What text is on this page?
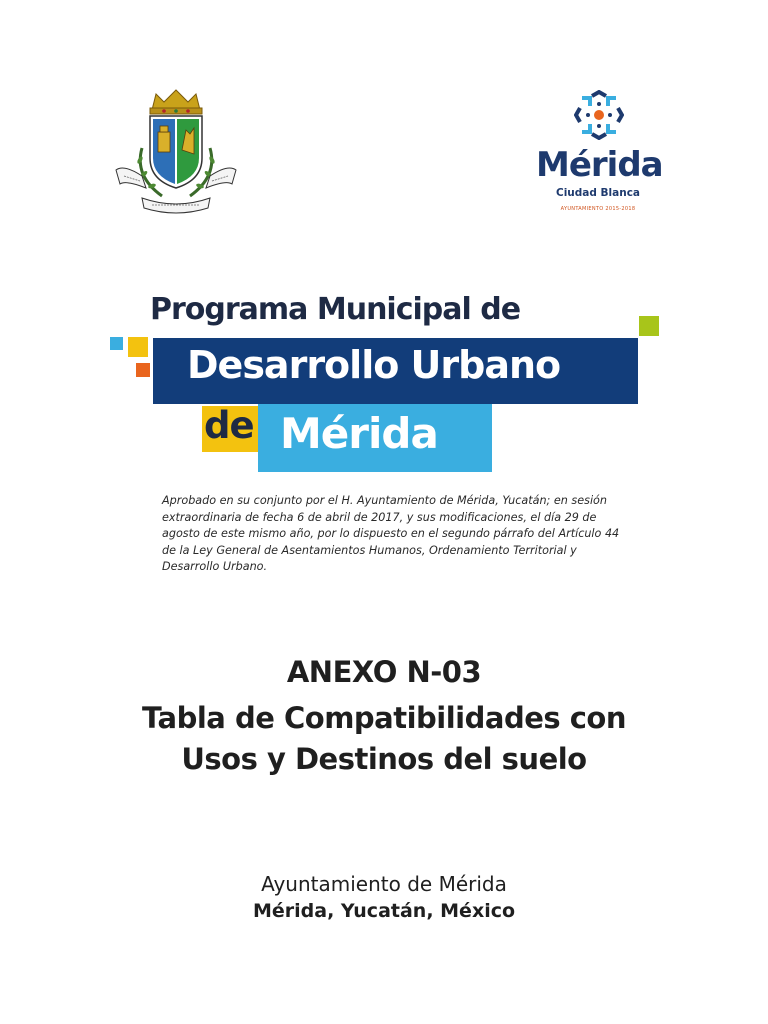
Mérida
Ciudad Blanca
AYUNTAMIENTO 2015-2018
Programa Municipal de
Desarrollo Urbano
de Mérida
Aprobado en su conjunto por el H. Ayuntamiento de Mérida, Yucatán; en sesión extraordinaria de fecha 6 de abril de 2017, y sus modificaciones, el día 29 de agosto de este mismo año, por lo dispuesto en el segundo párrafo del Artículo 44 de la Ley General de Asentamientos Humanos, Ordenamiento Territorial y Desarrollo Urbano.
ANEXO N-03
Tabla de Compatibilidades con
Usos y Destinos del suelo
Ayuntamiento de Mérida
Mérida, Yucatán, México
